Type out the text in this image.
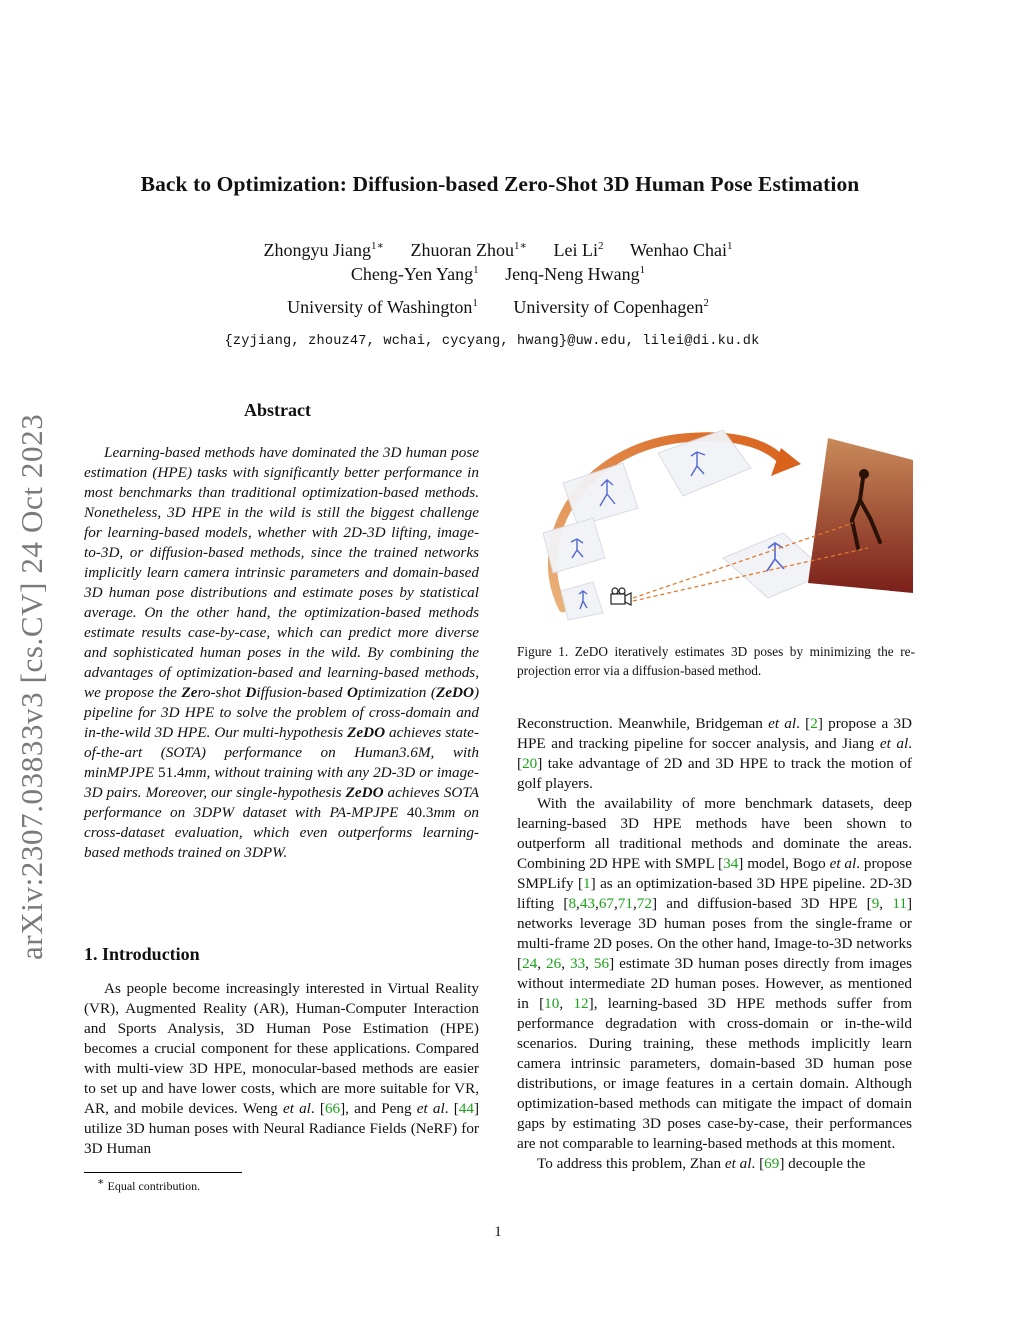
arXiv:2307.03833v3 [cs.CV] 24 Oct 2023
Back to Optimization: Diffusion-based Zero-Shot 3D Human Pose Estimation
Zhongyu Jiang$^{1∗}$ Zhuoran Zhou$^{1∗}$ Lei Li$^2$ Wenhao Chai$^1$
Cheng-Yen Yang$^1$ Jenq-Neng Hwang$^1$
University of Washington$^1$ University of Copenhagen$^2$
{zyjiang, zhouz47, wchai, cycyang, hwang}@uw.edu, lilei@di.ku.dk
Abstract

Learning-based methods have dominated the 3D human pose estimation (HPE) tasks with significantly better performance in most benchmarks than traditional optimization-based methods. Nonetheless, 3D HPE in the wild is still the biggest challenge for learning-based models, whether with 2D-3D lifting, image-to-3D, or diffusion-based methods, since the trained networks implicitly learn camera intrinsic parameters and domain-based 3D human pose distributions and estimate poses by statistical average. On the other hand, the optimization-based methods estimate results case-by-case, which can predict more diverse and sophisticated human poses in the wild. By combining the advantages of optimization-based and learning-based methods, we propose the Zero-shot Diffusion-based Optimization (ZeDO) pipeline for 3D HPE to solve the problem of cross-domain and in-the-wild 3D HPE. Our multi-hypothesis ZeDO achieves state-of-the-art (SOTA) performance on Human3.6M, with minMPJPE 51.4mm, without training with any 2D-3D or image-3D pairs. Moreover, our single-hypothesis ZeDO achieves SOTA performance on 3DPW dataset with PA-MPJPE 40.3mm on cross-dataset evaluation, which even outperforms learning-based methods trained on 3DPW.

1. Introduction

As people become increasingly interested in Virtual Reality (VR), Augmented Reality (AR), Human-Computer Interaction and Sports Analysis, 3D Human Pose Estimation (HPE) becomes a crucial component for these applications. Compared with multi-view 3D HPE, monocular-based methods are easier to set up and have lower costs, which are more suitable for VR, AR, and mobile devices. Weng et al. [66], and Peng et al. [44] utilize 3D human poses with Neural Radiance Fields (NeRF) for 3D Human

Figure 1. ZeDO iteratively estimates 3D poses by minimizing the re-projection error via a diffusion-based method.

Reconstruction. Meanwhile, Bridgeman et al. [2] propose a 3D HPE and tracking pipeline for soccer analysis, and Jiang et al. [20] take advantage of 2D and 3D HPE to track the motion of golf players.

With the availability of more benchmark datasets, deep learning-based 3D HPE methods have been shown to outperform all traditional methods and dominate the areas. Combining 2D HPE with SMPL [34] model, Bogo et al. propose SMPLify [1] as an optimization-based 3D HPE pipeline. 2D-3D lifting [8,43,67,71,72] and diffusion-based 3D HPE [9, 11] networks leverage 3D human poses from the single-frame or multi-frame 2D poses. On the other hand, Image-to-3D networks [24, 26, 33, 56] estimate 3D human poses directly from images without intermediate 2D human poses. However, as mentioned in [10, 12], learning-based 3D HPE methods suffer from performance degradation with cross-domain or in-the-wild scenarios. During training, these methods implicitly learn camera intrinsic parameters, domain-based 3D human pose distributions, or image features in a certain domain. Although optimization-based methods can mitigate the impact of domain gaps by estimating 3D poses case-by-case, their performances are not comparable to learning-based methods at this moment.

To address this problem, Zhan et al. [69] decouple the

∗ Equal contribution.
1
